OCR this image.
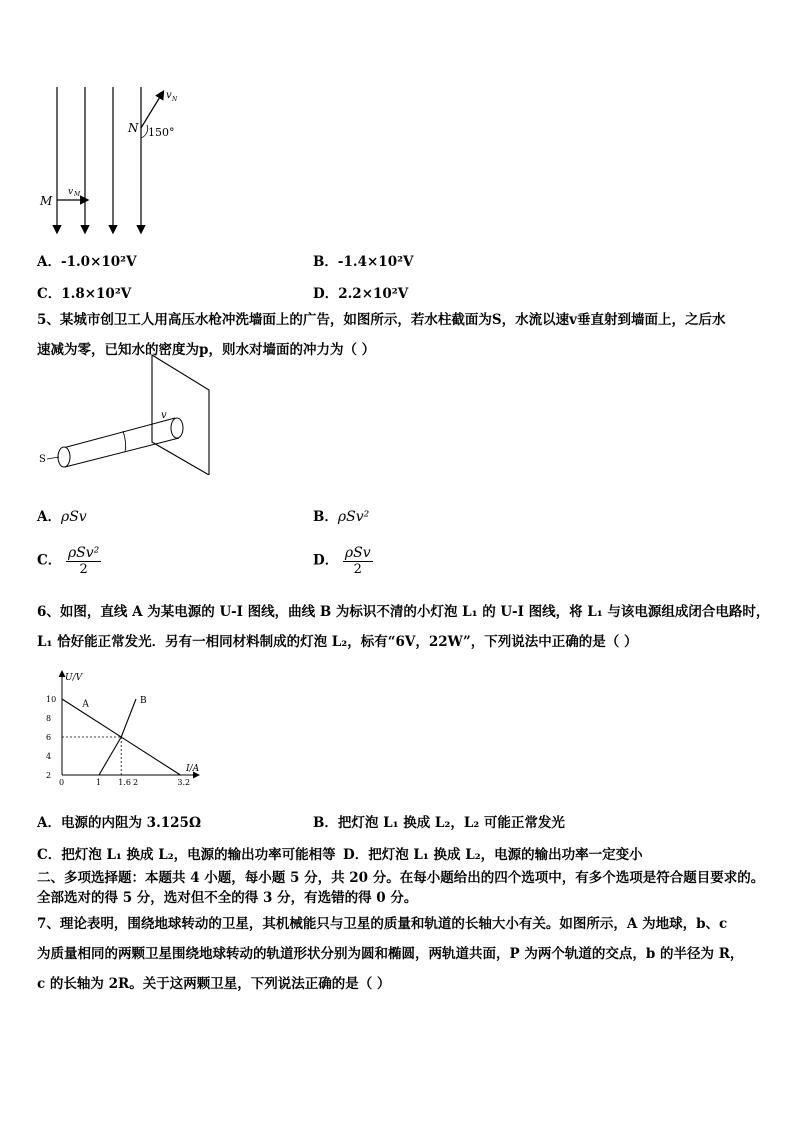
v N
N 150°
M
v M
A．-1.0×10²V	B．-1.4×10²V
C．1.8×10²V	D．2.2×10²V
5、某城市创卫工人用高压水枪冲洗墙面上的广告，如图所示，若水柱截面为S，水流以速v垂直射到墙面上，之后水
速减为零，已知水的密度为p，则水对墙面的冲力为（ ）
v
S
A．ρSv	B．ρSv²
C． $\frac{\text{ρSv²}}{2}$	D． $\frac{\text{ρSv}}{2}$
6、如图，直线 A 为某电源的 U-I 图线，曲线 B 为标识不清的小灯泡 L₁ 的 U-I 图线，将 L₁ 与该电源组成闭合电路时，
L₁ 恰好能正常发光．另有一相同材料制成的灯泡 L₂，标有“6V，22W”，下列说法中正确的是（ ）
U/V
I/A
10
8
6
4
2
0	1 1.6 2	3.2
A	B
A．电源的内阻为 3.125Ω	B．把灯泡 L₁ 换成 L₂，L₂ 可能正常发光
C．把灯泡 L₁ 换成 L₂，电源的输出功率可能相等 D．把灯泡 L₁ 换成 L₂，电源的输出功率一定变小
二、多项选择题：本题共 4 小题，每小题 5 分，共 20 分。在每小题给出的四个选项中，有多个选项是符合题目要求的。
全部选对的得 5 分，选对但不全的得 3 分，有选错的得 0 分。
7、理论表明，围绕地球转动的卫星，其机械能只与卫星的质量和轨道的长轴大小有关。如图所示，A 为地球，b、c
为质量相同的两颗卫星围绕地球转动的轨道形状分别为圆和椭圆，两轨道共面，P 为两个轨道的交点，b 的半径为 R，
c 的长轴为 2R。关于这两颗卫星，下列说法正确的是（ ）
